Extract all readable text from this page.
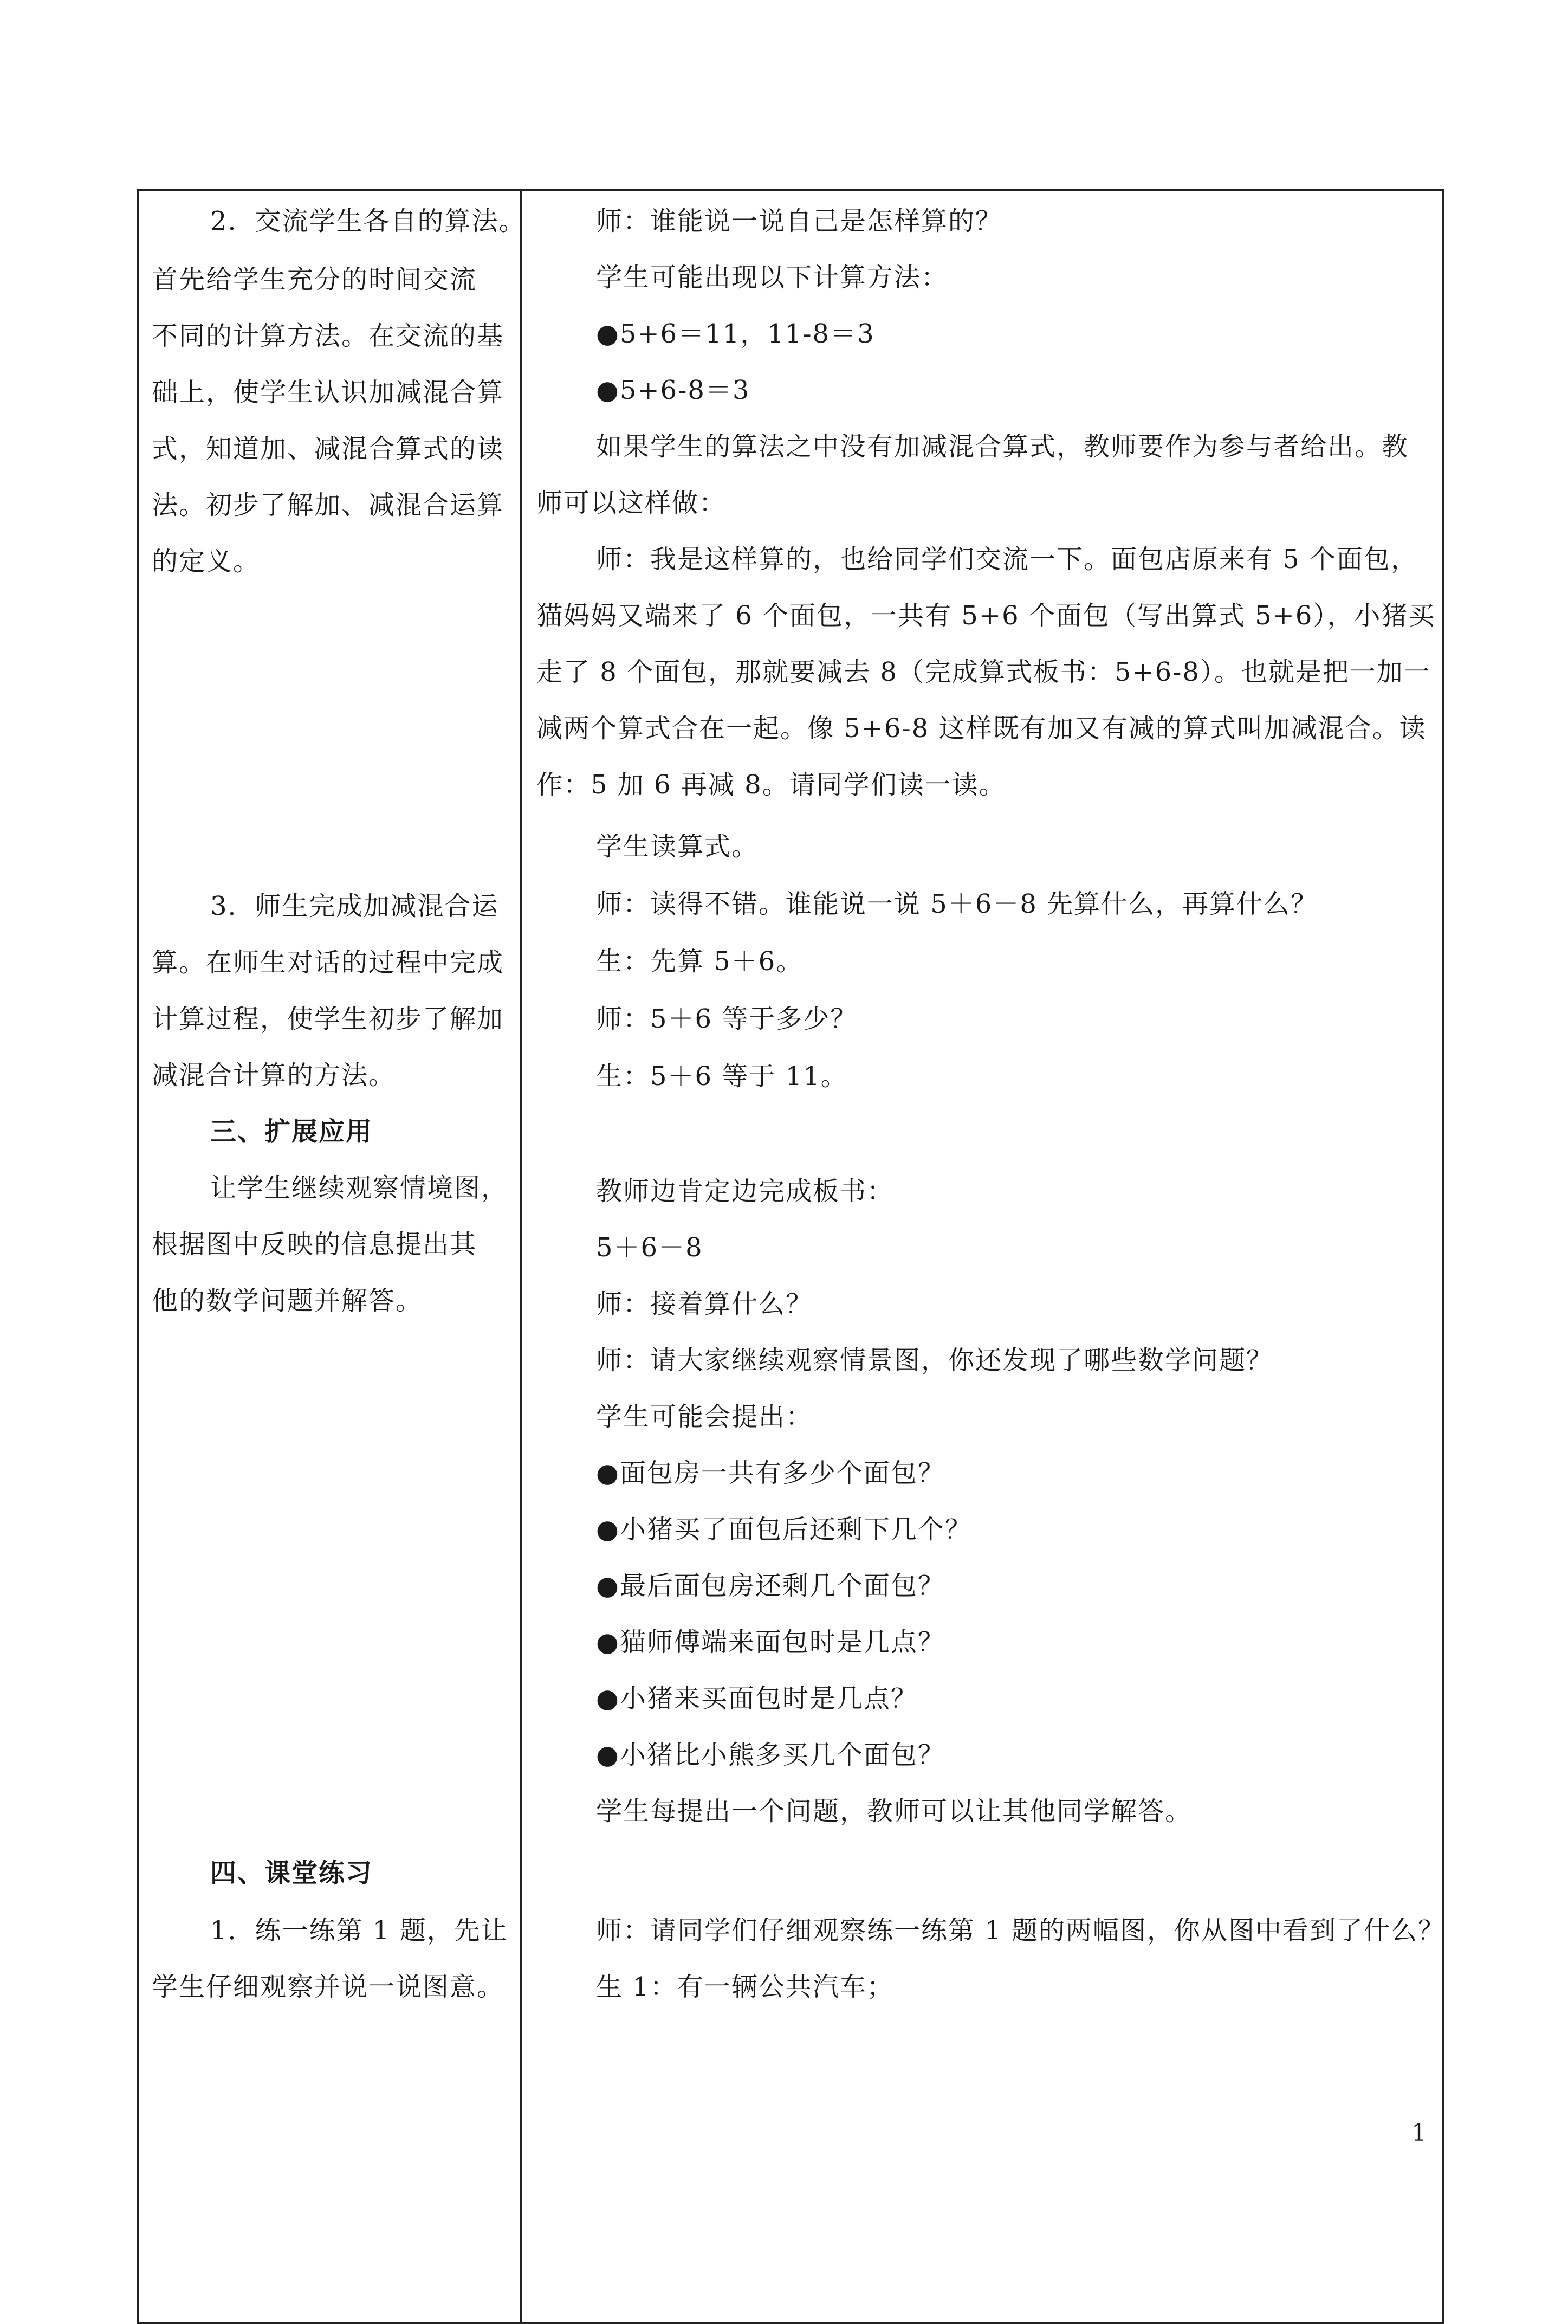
2．交流学生各自的算法。
首先给学生充分的时间交流
不同的计算方法。在交流的基
础上，使学生认识加减混合算
式，知道加、减混合算式的读
法。初步了解加、减混合运算
的定义。
3．师生完成加减混合运
算。在师生对话的过程中完成
计算过程，使学生初步了解加
减混合计算的方法。
三、扩展应用
让学生继续观察情境图，
根据图中反映的信息提出其
他的数学问题并解答。
四、课堂练习
1．练一练第 1 题，先让
学生仔细观察并说一说图意。
师：谁能说一说自己是怎样算的？
学生可能出现以下计算方法：
●5+6＝11，11-8＝3
●5+6-8＝3
如果学生的算法之中没有加减混合算式，教师要作为参与者给出。教
师可以这样做：
师：我是这样算的，也给同学们交流一下。面包店原来有 5 个面包，
猫妈妈又端来了 6 个面包，一共有 5+6 个面包（写出算式 5+6），小猪买
走了 8 个面包，那就要减去 8（完成算式板书：5+6-8）。也就是把一加一
减两个算式合在一起。像 5+6-8 这样既有加又有减的算式叫加减混合。读
作：5 加 6 再减 8。请同学们读一读。
学生读算式。
师：读得不错。谁能说一说 5＋6－8 先算什么，再算什么？
生：先算 5＋6。
师：5＋6 等于多少？
生：5＋6 等于 11。
教师边肯定边完成板书：
5＋6－8
师：接着算什么？
师：请大家继续观察情景图，你还发现了哪些数学问题？
学生可能会提出：
●面包房一共有多少个面包？
●小猪买了面包后还剩下几个？
●最后面包房还剩几个面包？
●猫师傅端来面包时是几点？
●小猪来买面包时是几点？
●小猪比小熊多买几个面包？
学生每提出一个问题，教师可以让其他同学解答。
师：请同学们仔细观察练一练第 1 题的两幅图，你从图中看到了什么？
生 1：有一辆公共汽车；
1
